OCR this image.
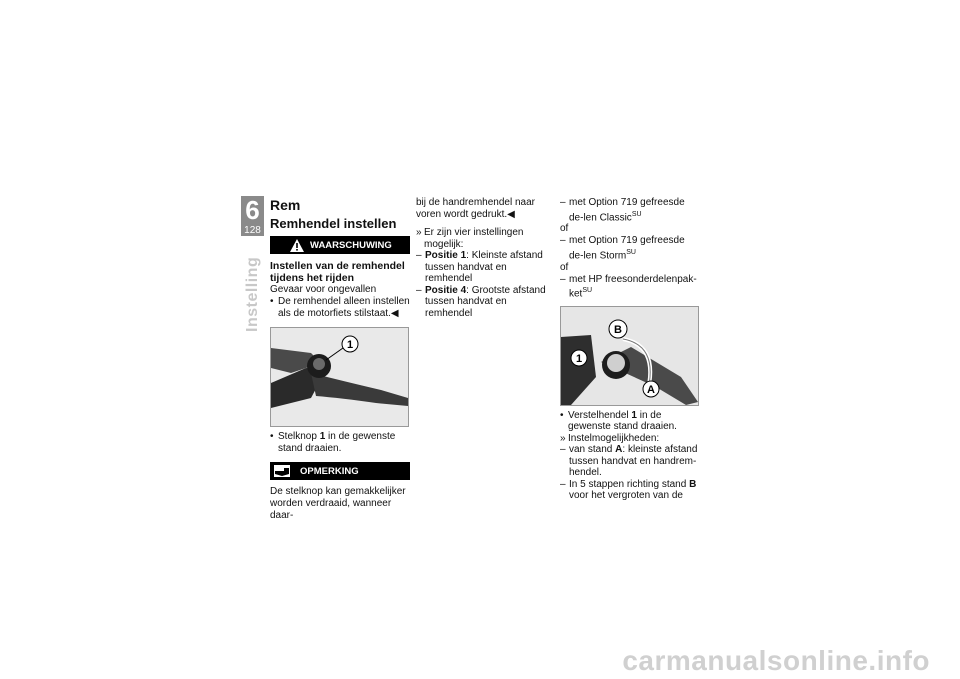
6
128
Instelling
Rem
Remhendel instellen
WAARSCHUWING
Instellen van de remhendel tijdens het rijden
Gevaar voor ongevallen
• De remhendel alleen instellen als de motorfiets stilstaat.◀
1
• Stelknop 1 in de gewenste stand draaien.
OPMERKING
De stelknop kan gemakkelijker worden verdraaid, wanneer daar-
bij de handremhendel naar voren wordt gedrukt.◀
» Er zijn vier instellingen mogelijk:
– Positie 1: Kleinste afstand tussen handvat en remhendel
– Positie 4: Grootste afstand tussen handvat en remhendel
– met Option 719 gefreesde de-len Classic$^{SU}$
of
– met Option 719 gefreesde de-len Storm$^{SU}$
of
– met HP freesonderdelenpak-ket$^{SU}$
B
1
A
• Verstelhendel 1 in de gewenste stand draaien.
» Instelmogelijkheden:
– van stand A: kleinste afstand tussen handvat en handrem-hendel.
– In 5 stappen richting stand B voor het vergroten van de
carmanualsonline.info
